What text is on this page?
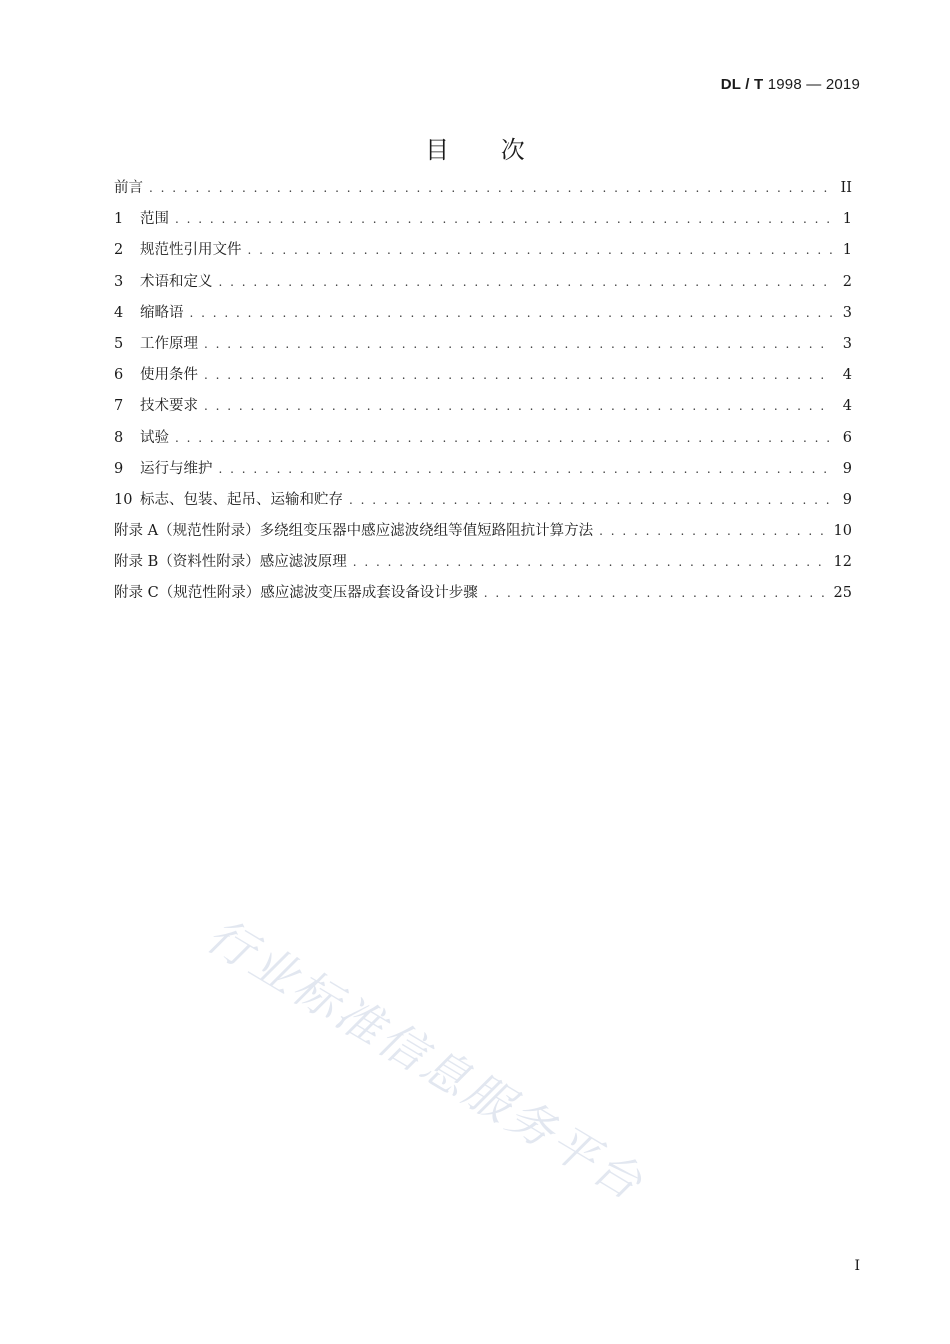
DL / T 1998 — 2019
目 次
前言 . . .	II
1 范围 . . .	1
2 规范性引用文件 . . .	1
3 术语和定义 . . .	2
4 缩略语 . . .	3
5 工作原理 . . .	3
6 使用条件 . . .	4
7 技术要求 . . .	4
8 试验 . . .	6
9 运行与维护 . . .	9
10 标志、包装、起吊、运输和贮存 . . .	9
附录 A（规范性附录）多绕组变压器中感应滤波绕组等值短路阻抗计算方法 . . .	10
附录 B（资料性附录）感应滤波原理 . . .	12
附录 C（规范性附录）感应滤波变压器成套设备设计步骤 . . .	25
行业标准信息服务平台
I
